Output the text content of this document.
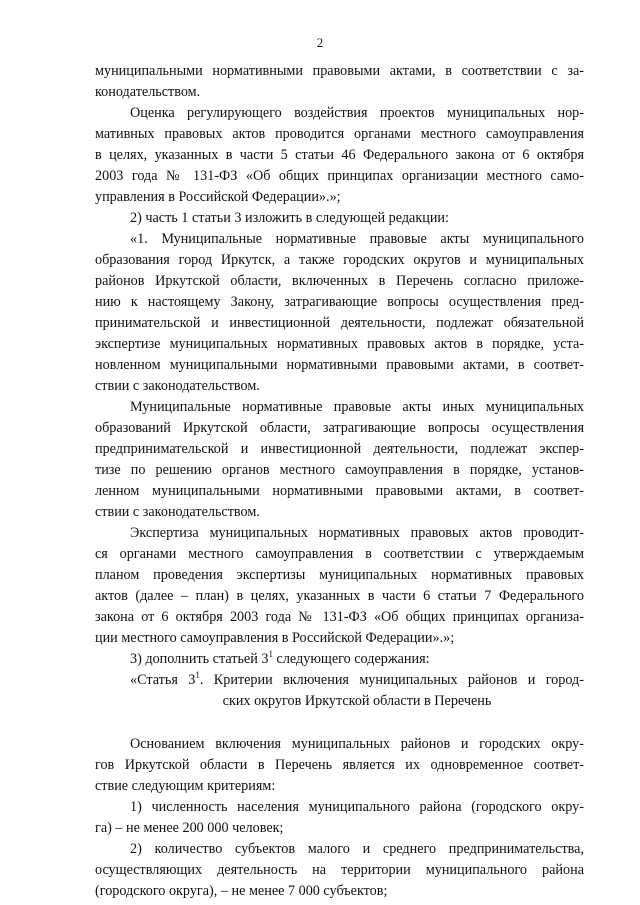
2
муниципальными нормативными правовыми актами, в соответствии с за-
конодательством.
Оценка регулирующего воздействия проектов муниципальных нор-
мативных правовых актов проводится органами местного самоуправления
в целях, указанных в части 5 статьи 46 Федерального закона от 6 октября
2003 года № 131-ФЗ «Об общих принципах организации местного само-
управления в Российской Федерации».»;
2) часть 1 статьи 3 изложить в следующей редакции:
«1. Муниципальные нормативные правовые акты муниципального
образования город Иркутск, а также городских округов и муниципальных
районов Иркутской области, включенных в Перечень согласно приложе-
нию к настоящему Закону, затрагивающие вопросы осуществления пред-
принимательской и инвестиционной деятельности, подлежат обязательной
экспертизе муниципальных нормативных правовых актов в порядке, уста-
новленном муниципальными нормативными правовыми актами, в соответ-
ствии с законодательством.
Муниципальные нормативные правовые акты иных муниципальных
образований Иркутской области, затрагивающие вопросы осуществления
предпринимательской и инвестиционной деятельности, подлежат экспер-
тизе по решению органов местного самоуправления в порядке, установ-
ленном муниципальными нормативными правовыми актами, в соответ-
ствии с законодательством.
Экспертиза муниципальных нормативных правовых актов проводит-
ся органами местного самоуправления в соответствии с утверждаемым
планом проведения экспертизы муниципальных нормативных правовых
актов (далее – план) в целях, указанных в части 6 статьи 7 Федерального
закона от 6 октября 2003 года № 131-ФЗ «Об общих принципах организа-
ции местного самоуправления в Российской Федерации».»;
3) дополнить статьей $3^1$ следующего содержания:
«Статья $3^1$. Критерии включения муниципальных районов и город-
ских округов Иркутской области в Перечень
Основанием включения муниципальных районов и городских окру-
гов Иркутской области в Перечень является их одновременное соответ-
ствие следующим критериям:
1) численность населения муниципального района (городского окру-
га) – не менее 200 000 человек;
2) количество субъектов малого и среднего предпринимательства,
осуществляющих деятельность на территории муниципального района
(городского округа), – не менее 7 000 субъектов;
